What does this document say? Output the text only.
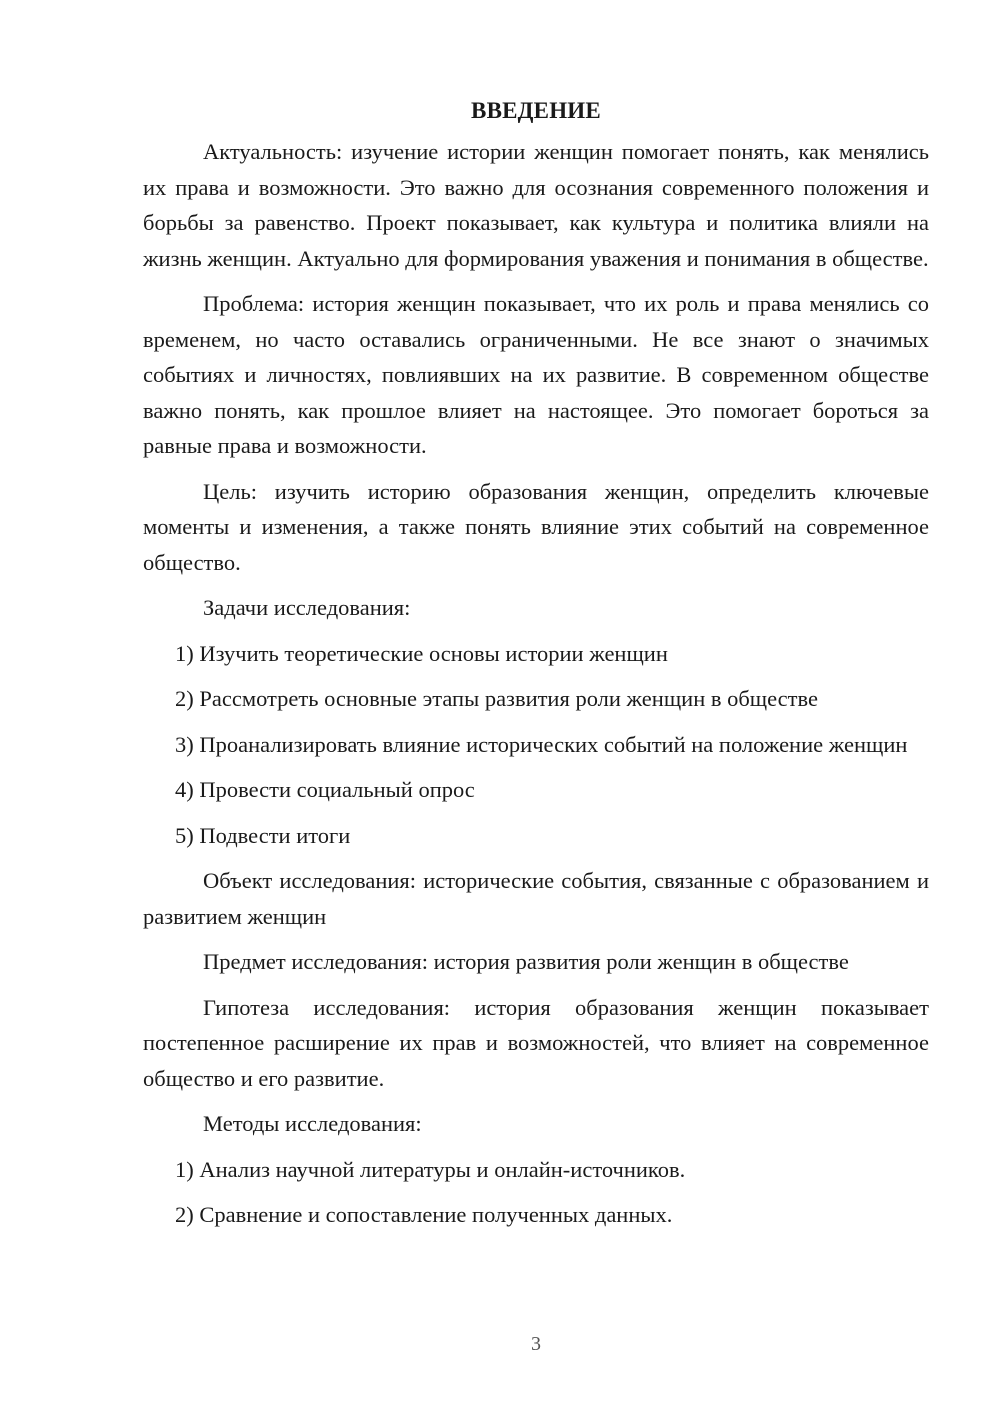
ВВЕДЕНИЕ

Актуальность: изучение истории женщин помогает понять, как менялись их права и возможности. Это важно для осознания современного положения и борьбы за равенство. Проект показывает, как культура и политика влияли на жизнь женщин. Актуально для формирования уважения и понимания в обществе.

Проблема: история женщин показывает, что их роль и права менялись со временем, но часто оставались ограниченными. Не все знают о значимых событиях и личностях, повлиявших на их развитие. В современном обществе важно понять, как прошлое влияет на настоящее. Это помогает бороться за равные права и возможности.

Цель: изучить историю образования женщин, определить ключевые моменты и изменения, а также понять влияние этих событий на современное общество.

Задачи исследования:

1) Изучить теоретические основы истории женщин

2) Рассмотреть основные этапы развития роли женщин в обществе

3) Проанализировать влияние исторических событий на положение женщин

4) Провести социальный опрос

5) Подвести итоги

Объект исследования: исторические события, связанные с образованием и развитием женщин

Предмет исследования: история развития роли женщин в обществе

Гипотеза исследования: история образования женщин показывает постепенное расширение их прав и возможностей, что влияет на современное общество и его развитие.

Методы исследования:

1) Анализ научной литературы и онлайн-источников.

2) Сравнение и сопоставление полученных данных.

3
